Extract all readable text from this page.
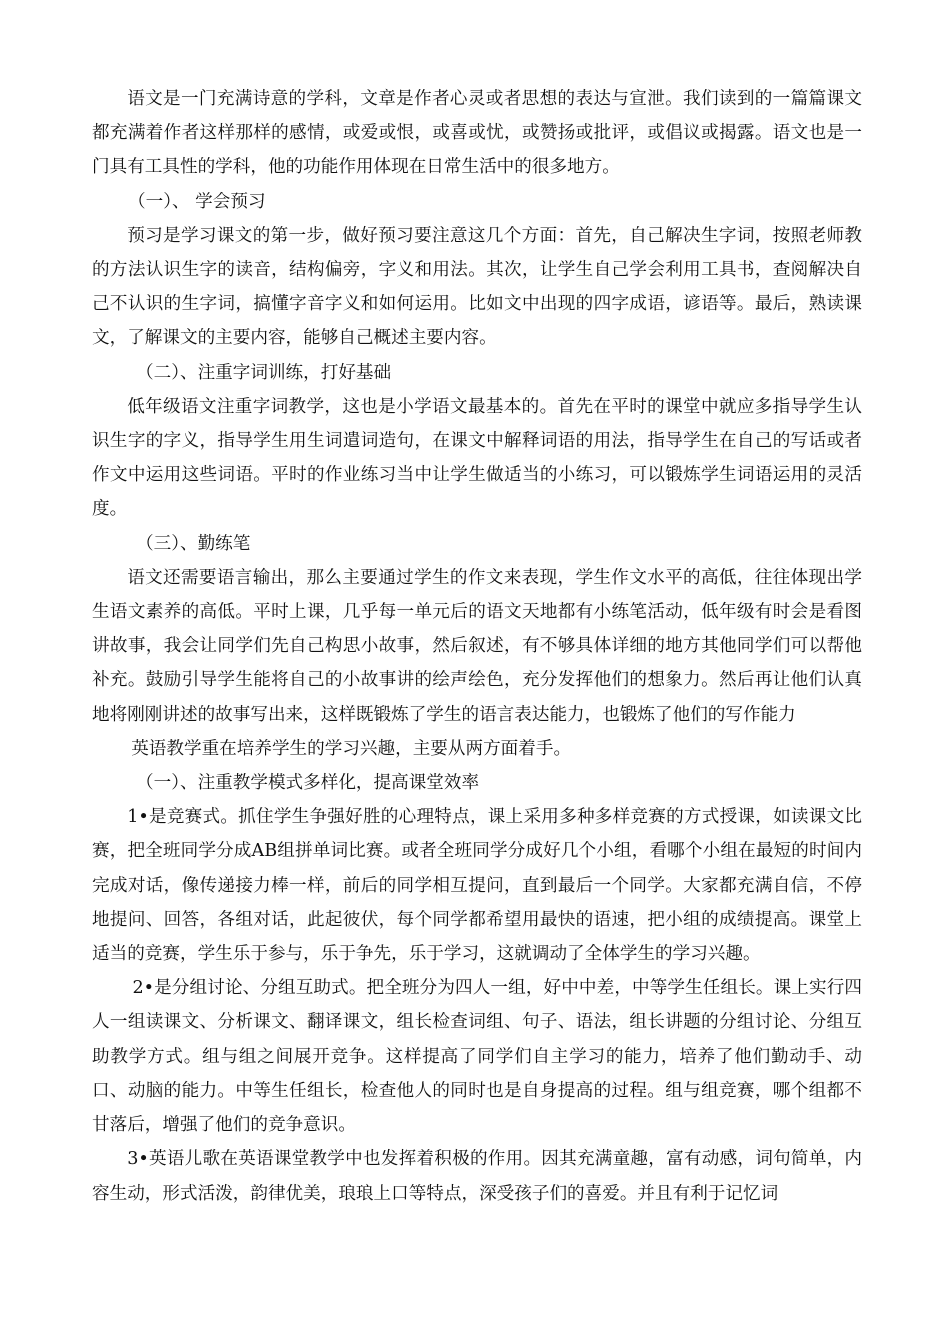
语文是一门充满诗意的学科，文章是作者心灵或者思想的表达与宣泄。我们读到的一篇篇课文都充满着作者这样那样的感情，或爱或恨，或喜或忧，或赞扬或批评，或倡议或揭露。语文也是一门具有工具性的学科，他的功能作用体现在日常生活中的很多地方。

（一）、 学会预习

预习是学习课文的第一步，做好预习要注意这几个方面：首先，自己解决生字词，按照老师教的方法认识生字的读音，结构偏旁，字义和用法。其次，让学生自己学会利用工具书，查阅解决自己不认识的生字词，搞懂字音字义和如何运用。比如文中出现的四字成语，谚语等。最后，熟读课文，了解课文的主要内容，能够自己概述主要内容。

（二）、注重字词训练，打好基础

低年级语文注重字词教学，这也是小学语文最基本的。首先在平时的课堂中就应多指导学生认识生字的字义，指导学生用生词遣词造句，在课文中解释词语的用法，指导学生在自己的写话或者作文中运用这些词语。平时的作业练习当中让学生做适当的小练习，可以锻炼学生词语运用的灵活度。

（三）、勤练笔

语文还需要语言输出，那么主要通过学生的作文来表现，学生作文水平的高低，往往体现出学生语文素养的高低。平时上课，几乎每一单元后的语文天地都有小练笔活动，低年级有时会是看图讲故事，我会让同学们先自己构思小故事，然后叙述，有不够具体详细的地方其他同学们可以帮他补充。鼓励引导学生能将自己的小故事讲的绘声绘色，充分发挥他们的想象力。然后再让他们认真地将刚刚讲述的故事写出来，这样既锻炼了学生的语言表达能力，也锻炼了他们的写作能力

英语教学重在培养学生的学习兴趣，主要从两方面着手。

（一）、注重教学模式多样化，提高课堂效率

1•是竞赛式。抓住学生争强好胜的心理特点，课上采用多种多样竞赛的方式授课，如读课文比赛，把全班同学分成AB组拼单词比赛。或者全班同学分成好几个小组，看哪个小组在最短的时间内完成对话，像传递接力棒一样，前后的同学相互提问，直到最后一个同学。大家都充满自信，不停地提问、回答，各组对话，此起彼伏，每个同学都希望用最快的语速，把小组的成绩提高。课堂上适当的竞赛，学生乐于参与，乐于争先，乐于学习，这就调动了全体学生的学习兴趣。

2•是分组讨论、分组互助式。把全班分为四人一组，好中中差，中等学生任组长。课上实行四人一组读课文、分析课文、翻译课文，组长检查词组、句子、语法，组长讲题的分组讨论、分组互助教学方式。组与组之间展开竞争。这样提高了同学们自主学习的能力，培养了他们勤动手、动口、动脑的能力。中等生任组长，检查他人的同时也是自身提高的过程。组与组竞赛，哪个组都不甘落后，增强了他们的竞争意识。

3•英语儿歌在英语课堂教学中也发挥着积极的作用。因其充满童趣，富有动感，词句简单，内容生动，形式活泼，韵律优美，琅琅上口等特点，深受孩子们的喜爱。并且有利于记忆词
